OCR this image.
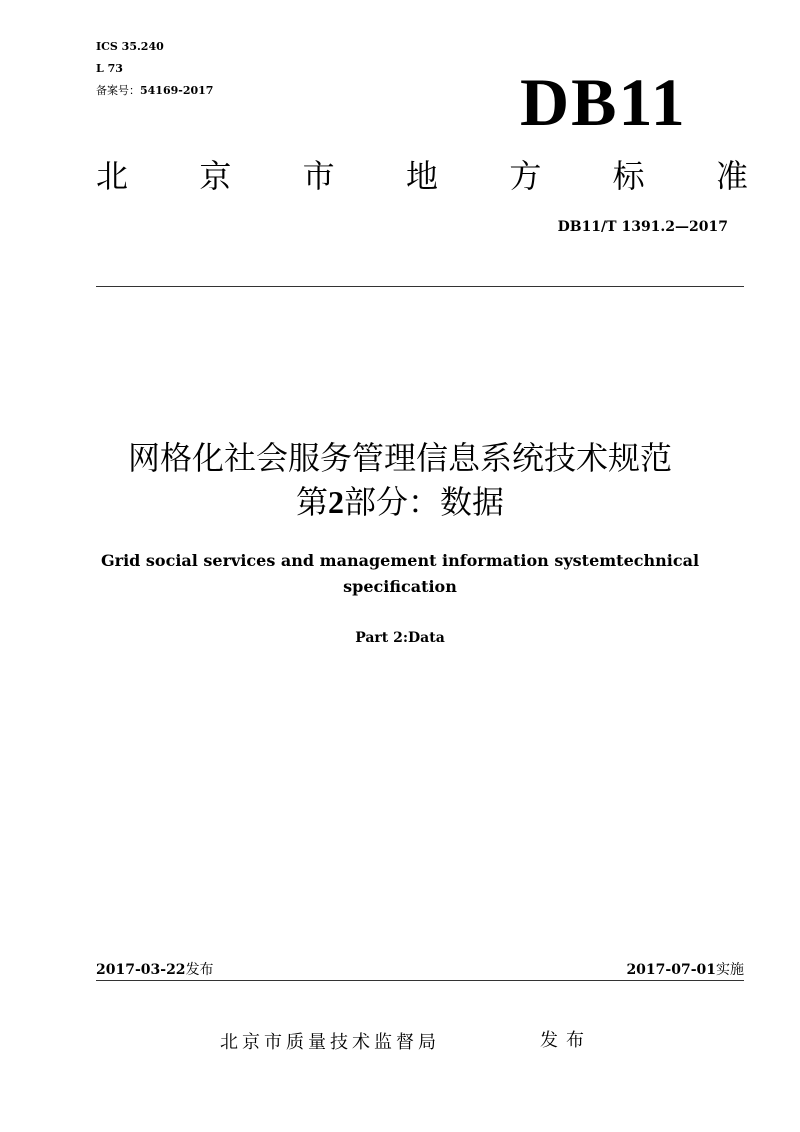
ICS 35.240
L 73
备案号：54169-2017	DB11
北 京 市 地 方 标 准
DB11/T 1391.2—2017
网格化社会服务管理信息系统技术规范
第2部分：数据
Grid social services and management information systemtechnical specification
Part 2:Data
2017-03-22发布	2017-07-01实施
北京市质量技术监督局	发布
